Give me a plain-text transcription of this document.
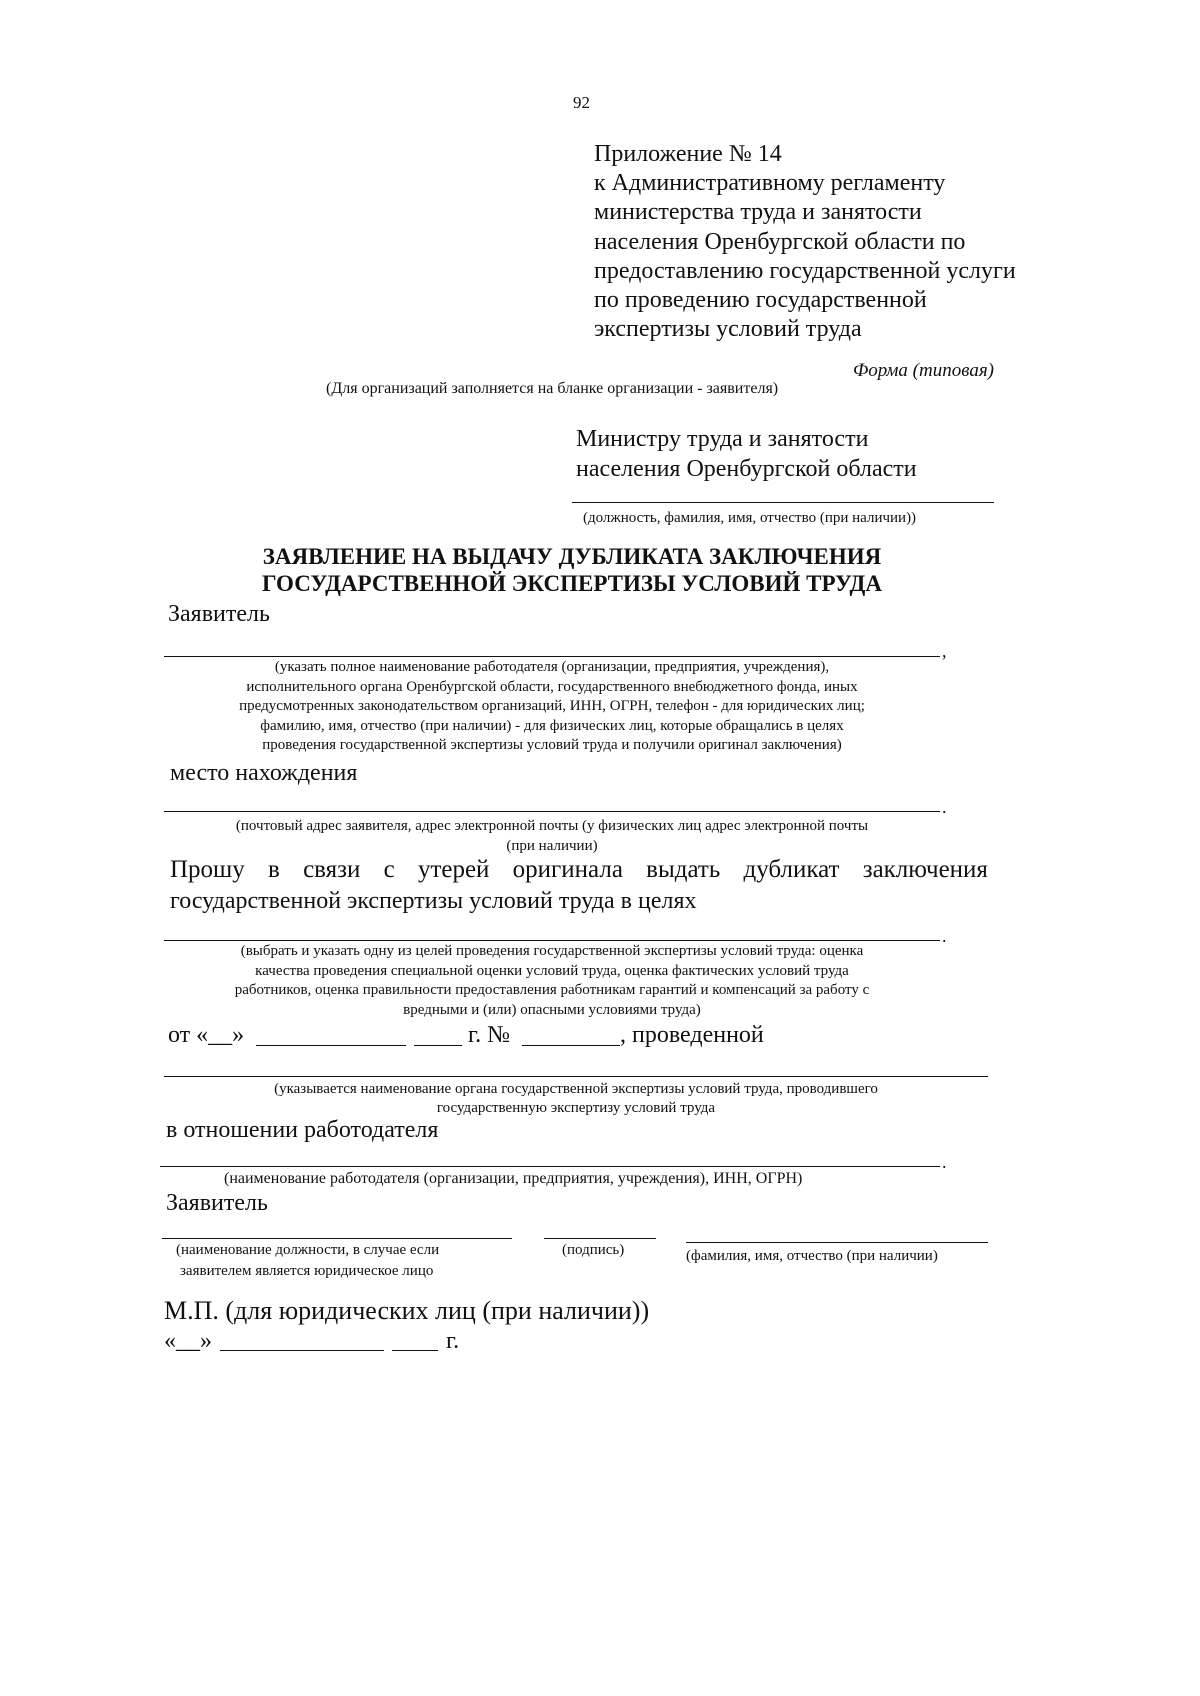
92
Приложение № 14
к Административному регламенту
министерства труда и занятости
населения Оренбургской области по
предоставлению государственной услуги
по проведению государственной
экспертизы условий труда
Форма (типовая)
(Для организаций заполняется на бланке организации - заявителя)
Министру труда и занятости
населения Оренбургской области
(должность, фамилия, имя, отчество (при наличии))
ЗАЯВЛЕНИЕ НА ВЫДАЧУ ДУБЛИКАТА ЗАКЛЮЧЕНИЯ
ГОСУДАРСТВЕННОЙ ЭКСПЕРТИЗЫ УСЛОВИЙ ТРУДА
Заявитель
,
(указать полное наименование работодателя (организации, предприятия, учреждения),
исполнительного органа Оренбургской области, государственного внебюджетного фонда, иных
предусмотренных законодательством организаций, ИНН, ОГРН, телефон - для юридических лиц;
фамилию, имя, отчество (при наличии) - для физических лиц, которые обращались в целях
проведения государственной экспертизы условий труда и получили оригинал заключения)
место нахождения
.
(почтовый адрес заявителя, адрес электронной почты (у физических лиц адрес электронной почты
(при наличии)
Прошу в связи с утерей оригинала выдать дубликат заключения
государственной экспертизы условий труда в целях
.
(выбрать и указать одну из целей проведения государственной экспертизы условий труда: оценка
качества проведения специальной оценки условий труда, оценка фактических условий труда
работников, оценка правильности предоставления работникам гарантий и компенсаций за работу с
вредными и (или) опасными условиями труда)
от «__»	г. №	, проведенной
(указывается наименование органа государственной экспертизы условий труда, проводившего
государственную экспертизу условий труда
в отношении работодателя
.
(наименование работодателя (организации, предприятия, учреждения), ИНН, ОГРН)
Заявитель
(наименование должности, в случае если
заявителем является юридическое лицо
(подпись)	(фамилия, имя, отчество (при наличии)
М.П. (для юридических лиц (при наличии))
«__»	г.
